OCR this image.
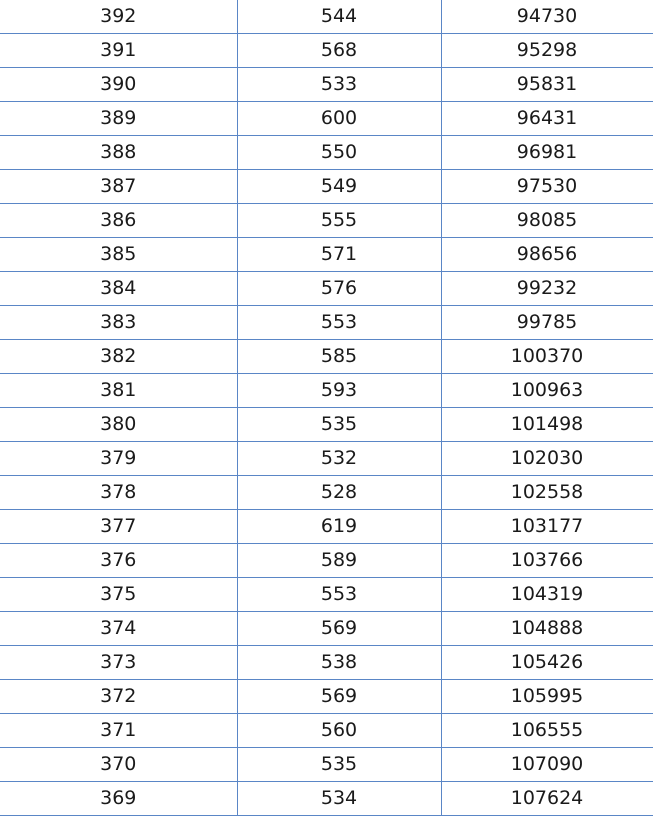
392	544	94730
391	568	95298
390	533	95831
389	600	96431
388	550	96981
387	549	97530
386	555	98085
385	571	98656
384	576	99232
383	553	99785
382	585	100370
381	593	100963
380	535	101498
379	532	102030
378	528	102558
377	619	103177
376	589	103766
375	553	104319
374	569	104888
373	538	105426
372	569	105995
371	560	106555
370	535	107090
369	534	107624
